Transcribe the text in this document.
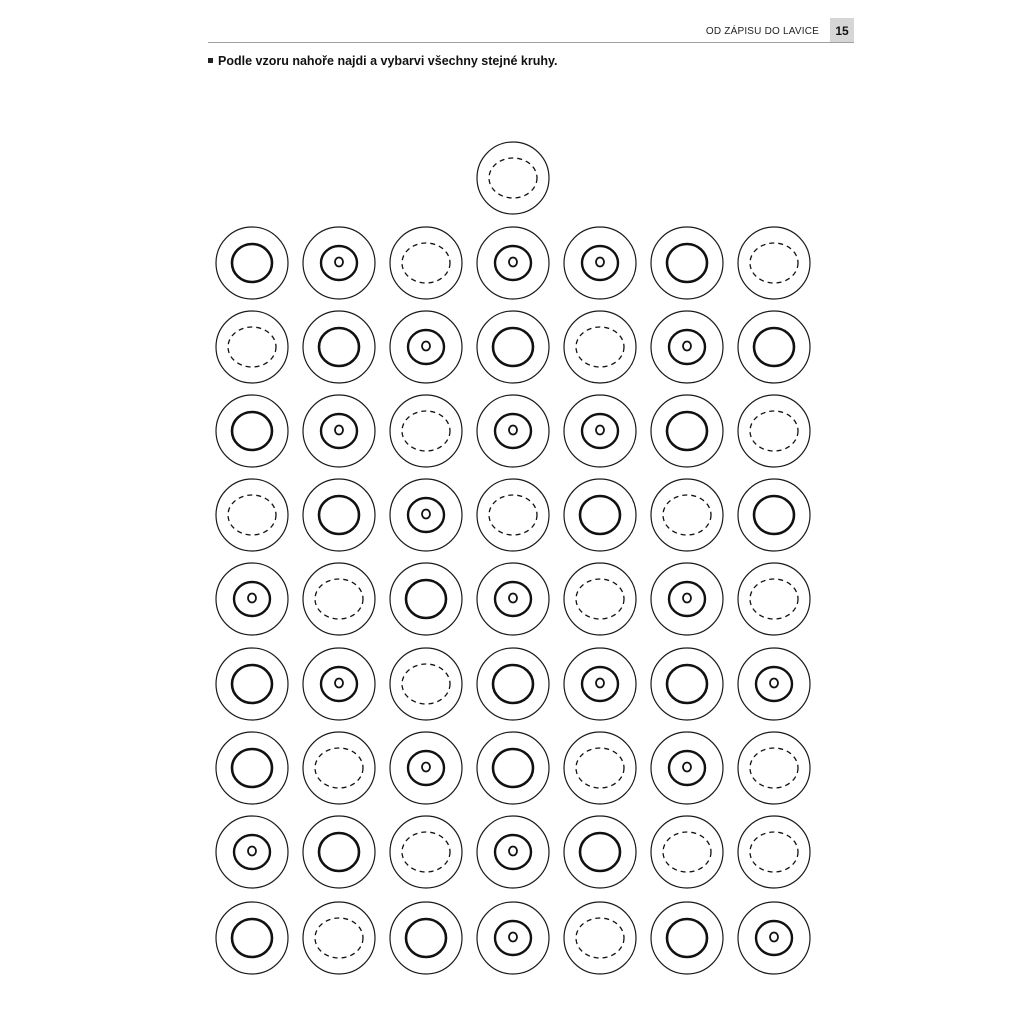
OD ZÁPISU DO LAVICE	15
Podle vzoru nahoře najdi a vybarvi všechny stejné kruhy.
